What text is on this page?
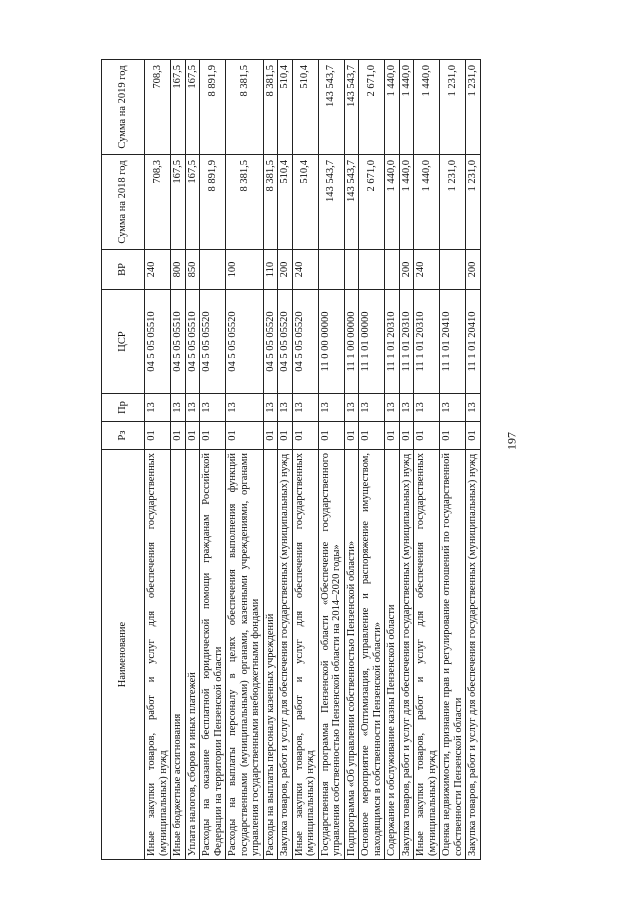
197
Наименование	Рз	Пр	ЦСР	ВР	Сумма на 2018 год	Сумма на 2019 год
Иные закупки товаров, работ и услуг для обеспечения государственных (муниципальных) нужд	01	13	04 5 05 05510	240	708,3	708,3
Иные бюджетные ассигнования	01	13	04 5 05 05510	800	167,5	167,5
Уплата налогов, сборов и иных платежей	01	13	04 5 05 05510	850	167,5	167,5
Расходы на оказание бесплатной юридической помощи гражданам Российской Федерации на территории Пензенской области	01	13	04 5 05 05520		8 891,9	8 891,9
Расходы на выплаты персоналу в целях обеспечения выполнения функций государственными (муниципальными) органами, казенными учреждениями, органами управления государственными внебюджетными фондами	01	13	04 5 05 05520	100	8 381,5	8 381,5
Расходы на выплаты персоналу казенных учреждений	01	13	04 5 05 05520	110	8 381,5	8 381,5
Закупка товаров, работ и услуг для обеспечения государственных (муниципальных) нужд	01	13	04 5 05 05520	200	510,4	510,4
Иные закупки товаров, работ и услуг для обеспечения государственных (муниципальных) нужд	01	13	04 5 05 05520	240	510,4	510,4
Государственная программа Пензенской области «Обеспечение государственного управления собственностью Пензенской области на 2014–2020 годы»	01	13	11 0 00 00000		143 543,7	143 543,7
Подпрограмма «Об управлении собственностью Пензенской области»	01	13	11 1 00 00000		143 543,7	143 543,7
Основное мероприятие «Оптимизация, управление и распоряжение имуществом, находящимся в собственности Пензенской области»	01	13	11 1 01 00000		2 671,0	2 671,0
Содержание и обслуживание казны Пензенской области	01	13	11 1 01 20310		1 440,0	1 440,0
Закупка товаров, работ и услуг для обеспечения государственных (муниципальных) нужд	01	13	11 1 01 20310	200	1 440,0	1 440,0
Иные закупки товаров, работ и услуг для обеспечения государственных (муниципальных) нужд	01	13	11 1 01 20310	240	1 440,0	1 440,0
Оценка недвижимости, признание прав и регулирование отношений по государственной собственности Пензенской области	01	13	11 1 01 20410		1 231,0	1 231,0
Закупка товаров, работ и услуг для обеспечения государственных (муниципальных) нужд	01	13	11 1 01 20410	200	1 231,0	1 231,0
